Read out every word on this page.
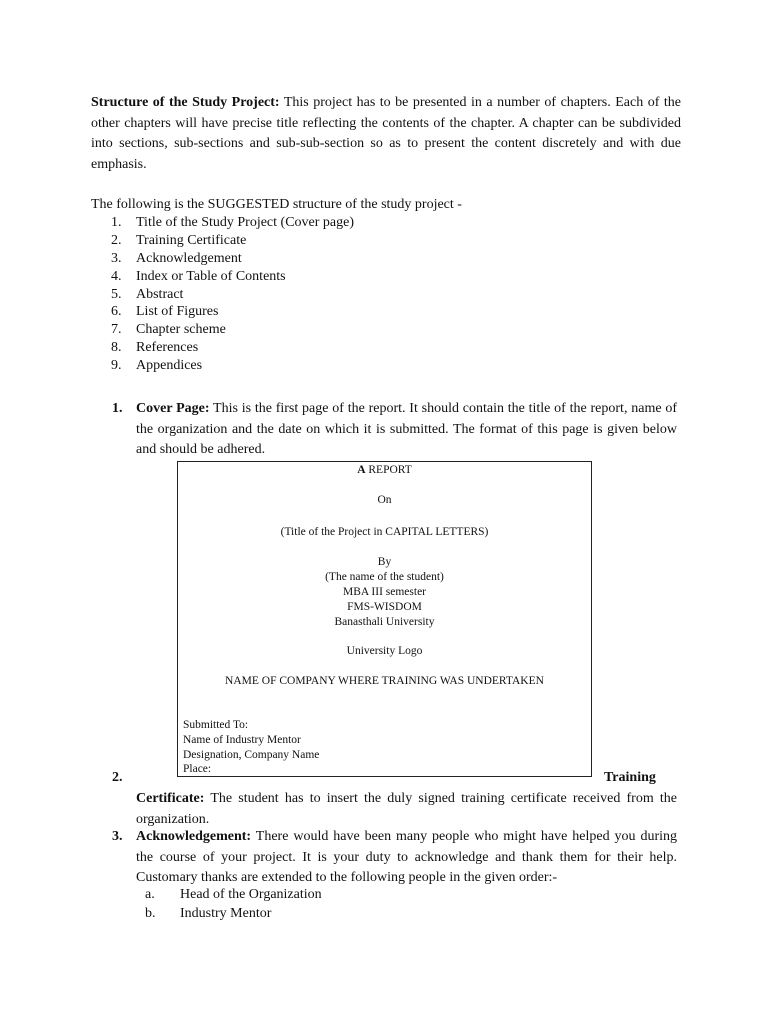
Structure of the Study Project: This project has to be presented in a number of chapters. Each of the other chapters will have precise title reflecting the contents of the chapter. A chapter can be subdivided into sections, sub-sections and sub-sub-section so as to present the content discretely and with due emphasis.
The following is the SUGGESTED structure of the study project -
1. Title of the Study Project (Cover page)
2. Training Certificate
3. Acknowledgement
4. Index or Table of Contents
5. Abstract
6. List of Figures
7. Chapter scheme
8. References
9. Appendices
1. Cover Page: This is the first page of the report. It should contain the title of the report, name of the organization and the date on which it is submitted. The format of this page is given below and should be adhered.
A REPORT
On
(Title of the Project in CAPITAL LETTERS)
By
(The name of the student)
MBA III semester
FMS-WISDOM
Banasthali University
University Logo
NAME OF COMPANY WHERE TRAINING WAS UNDERTAKEN
Submitted To:
Name of Industry Mentor
Designation, Company Name
Place:
2.	Training
Certificate: The student has to insert the duly signed training certificate received from the organization.
3. Acknowledgement: There would have been many people who might have helped you during the course of your project. It is your duty to acknowledge and thank them for their help. Customary thanks are extended to the following people in the given order:-
a. Head of the Organization
b. Industry Mentor
